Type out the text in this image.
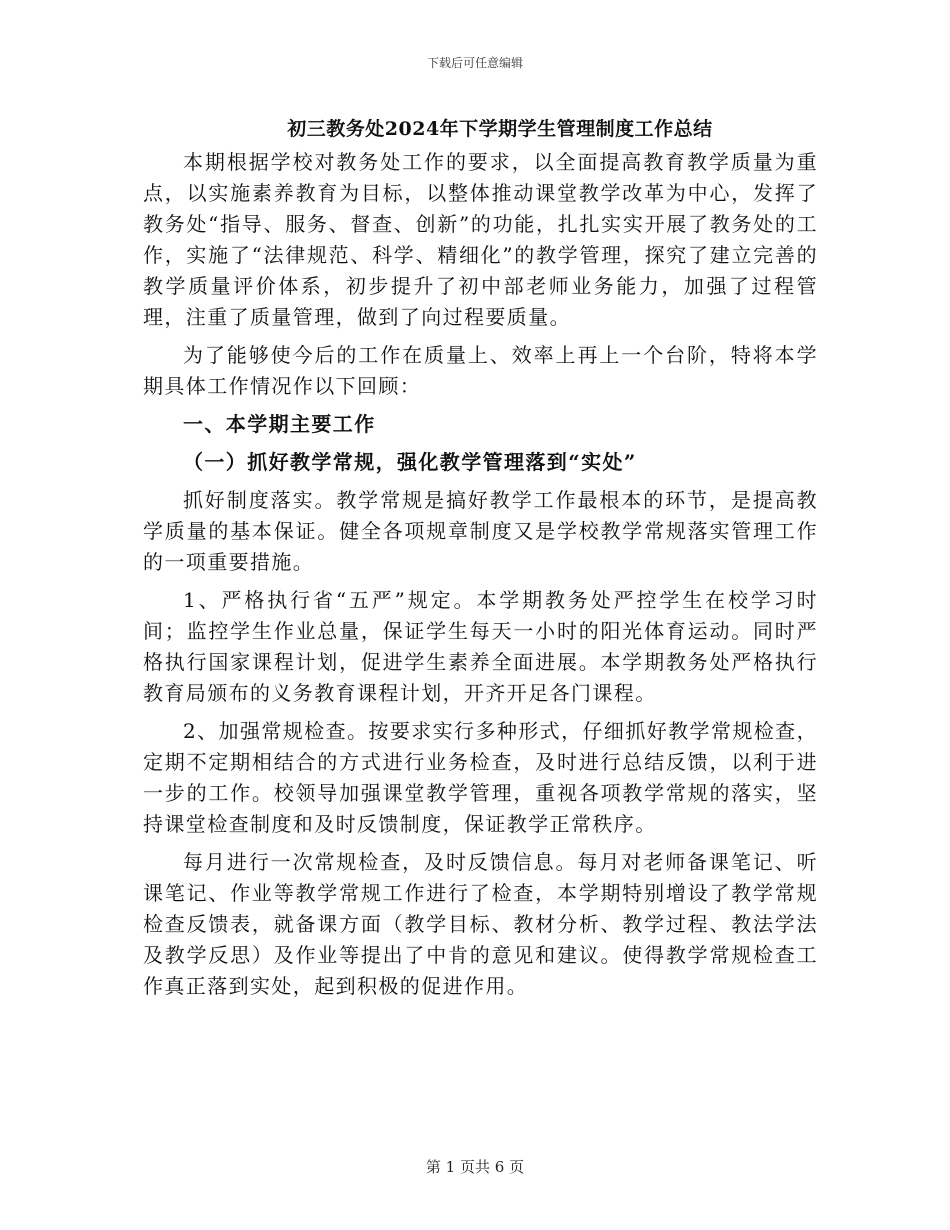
下载后可任意编辑
初三教务处2024年下学期学生管理制度工作总结

本期根据学校对教务处工作的要求，以全面提高教育教学质量为重点，以实施素养教育为目标，以整体推动课堂教学改革为中心，发挥了教务处“指导、服务、督查、创新”的功能，扎扎实实开展了教务处的工作，实施了“法律规范、科学、精细化”的教学管理，探究了建立完善的教学质量评价体系，初步提升了初中部老师业务能力，加强了过程管理，注重了质量管理，做到了向过程要质量。

为了能够使今后的工作在质量上、效率上再上一个台阶，特将本学期具体工作情况作以下回顾：

一、本学期主要工作

（一）抓好教学常规，强化教学管理落到“实处”

抓好制度落实。教学常规是搞好教学工作最根本的环节，是提高教学质量的基本保证。健全各项规章制度又是学校教学常规落实管理工作的一项重要措施。

1、严格执行省“五严”规定。本学期教务处严控学生在校学习时间；监控学生作业总量，保证学生每天一小时的阳光体育运动。同时严格执行国家课程计划，促进学生素养全面进展。本学期教务处严格执行教育局颁布的义务教育课程计划，开齐开足各门课程。

2、加强常规检查。按要求实行多种形式，仔细抓好教学常规检查，定期不定期相结合的方式进行业务检查，及时进行总结反馈，以利于进一步的工作。校领导加强课堂教学管理，重视各项教学常规的落实，坚持课堂检查制度和及时反馈制度，保证教学正常秩序。

每月进行一次常规检查，及时反馈信息。每月对老师备课笔记、听课笔记、作业等教学常规工作进行了检查，本学期特别增设了教学常规检查反馈表，就备课方面（教学目标、教材分析、教学过程、教法学法及教学反思）及作业等提出了中肯的意见和建议。使得教学常规检查工作真正落到实处，起到积极的促进作用。

第 1 页共 6 页
